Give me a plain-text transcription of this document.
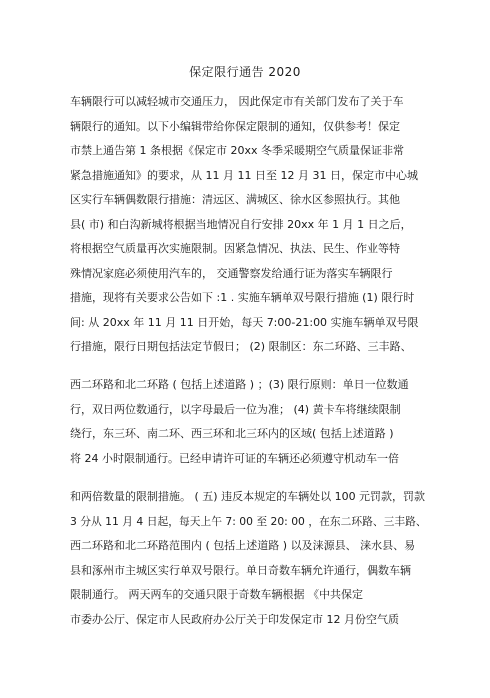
保定限行通告 2020
车辆限行可以减轻城市交通压力， 因此保定市有关部门发布了关于车
辆限行的通知。以下小编辑带给你保定限制的通知，仅供参考！保定
市禁上通告第 1 条根据《保定市 20xx 冬季采暖期空气质量保证非常
紧急措施通知》的要求，从 11 月 11 日至 12 月 31 日，保定市中心城
区实行车辆偶数限行措施：清远区、满城区、徐水区参照执行。其他
县( 市) 和白沟新城将根据当地情况自行安排 20xx 年 1 月 1 日之后，
将根据空气质量再次实施限制。因紧急情况、执法、民生、作业等特
殊情况家庭必须使用汽车的， 交通警察发给通行证为落实车辆限行
措施，现将有关要求公告如下 :1 . 实施车辆单双号限行措施 (1) 限行时
间: 从 20xx 年 11 月 11 日开始，每天 7:00-21:00 实施车辆单双号限
行措施，限行日期包括法定节假日； (2) 限制区：东二环路、三丰路、
西二环路和北二环路 ( 包括上述道路 ) ；(3) 限行原则：单日一位数通
行，双日两位数通行，以字母最后一位为准； (4) 黄卡车将继续限制
绕行，东三环、南二环、西三环和北三环内的区域( 包括上述道路 )
将 24 小时限制通行。已经申请许可证的车辆还必须遵守机动车一倍
和两倍数量的限制措施。 ( 五) 违反本规定的车辆处以 100 元罚款，罚款
3 分从 11 月 4 日起，每天上午 7: 00 至 20: 00 ，在东二环路、三丰路、
西二环路和北二环路范围内 ( 包括上述道路 ) 以及涞源县、 涞水县、易
县和涿州市主城区实行单双号限行。单日奇数车辆允许通行，偶数车辆
限制通行。 两天两车的交通只限于奇数车辆根据 《中共保定
市委办公厅、保定市人民政府办公厅关于印发保定市 12 月份空气质
